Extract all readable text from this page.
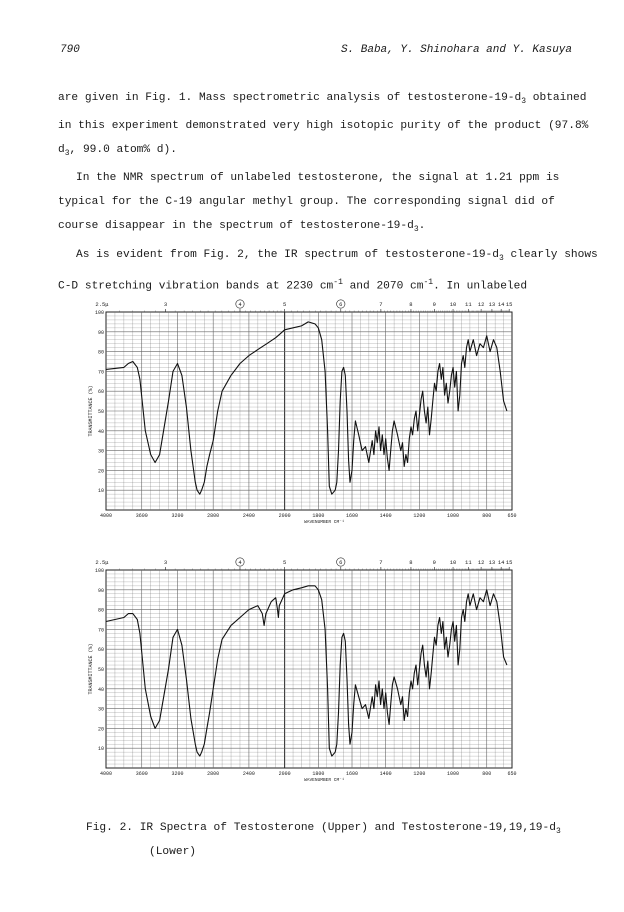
790	S. Baba, Y. Shinohara and Y. Kasuya
are given in Fig. 1. Mass spectrometric analysis of testosterone-$19-d_3$ obtained
in this experiment demonstrated very high isotopic purity of the product (97.8%
$d_3$, 99.0 atom% d).
In the NMR spectrum of unlabeled testosterone, the signal at 1.21 ppm is
typical for the C-19 angular methyl group. The corresponding signal did of
course disappear in the spectrum of testosterone-$19-d_3$.
As is evident from Fig. 2, the IR spectrum of testosterone-$19-d_3$ clearly shows
C-D stretching vibration bands at 2230 $cm^{-1}$ and 2070 $cm^{-1}$. In unlabeled
2.5μ	3	4	5	6	7	8	9	10 11 12 13 14 15
100
90
80
70
60
50
40
30
20
10
TRANSMITTANCE (%)
4000	3600	3200	2800	2400	2000	1800	1600	1400	1200	1000	800	650
WAVENUMBER CM⁻¹
2.5μ	3	4	5	6	7	8	9	10 11 12 13 14 15
100
90
80
70
60
50
40
30
20
10
TRANSMITTANCE (%)
4000	3600	3200	2800	2400	2000	1800	1600	1400	1200	1000	800	650
WAVENUMBER CM⁻¹
Fig. 2. IR Spectra of Testosterone (Upper) and Testosterone-$19,19,19-d_3$
(Lower)
